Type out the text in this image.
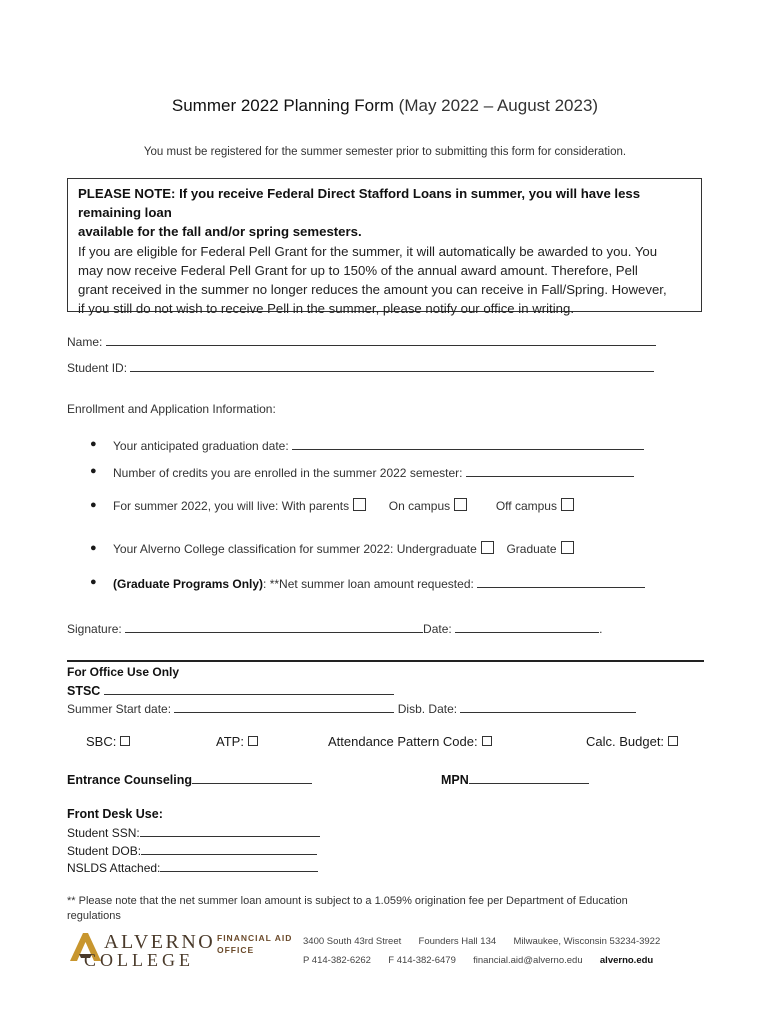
Summer 2022 Planning Form (May 2022 – August 2023)
You must be registered for the summer semester prior to submitting this form for consideration.
PLEASE NOTE: If you receive Federal Direct Stafford Loans in summer, you will have less remaining loan
available for the fall and/or spring semesters.
If you are eligible for Federal Pell Grant for the summer, it will automatically be awarded to you. You
may now receive Federal Pell Grant for up to 150% of the annual award amount. Therefore, Pell
grant received in the summer no longer reduces the amount you can receive in Fall/Spring. However,
if you still do not wish to receive Pell in the summer, please notify our office in writing.
Name:
Student ID:
Enrollment and Application Information:
● Your anticipated graduation date:
● Number of credits you are enrolled in the summer 2022 semester:
● For summer 2022, you will live: With parents	On campus	Off campus
● Your Alverno College classification for summer 2022: Undergraduate Graduate
● (Graduate Programs Only): **Net summer loan amount requested:
Signature:	Date:	.
For Office Use Only
STSC
Summer Start date:	Disb. Date:
SBC:	ATP:	Attendance Pattern Code:	Calc. Budget:
Entrance Counseling	MPN
Front Desk Use:
Student SSN:
Student DOB:
NSLDS Attached:
** Please note that the net summer loan amount is subject to a 1.059% origination fee per Department of Education regulations
ALVERNO
COLLEGE
FINANCIAL AID
OFFICE
3400 South 43rd Street Founders Hall 134 Milwaukee, Wisconsin 53234-3922
P 414-382-6262 F 414-382-6479 financial.aid@alverno.edu alverno.edu
